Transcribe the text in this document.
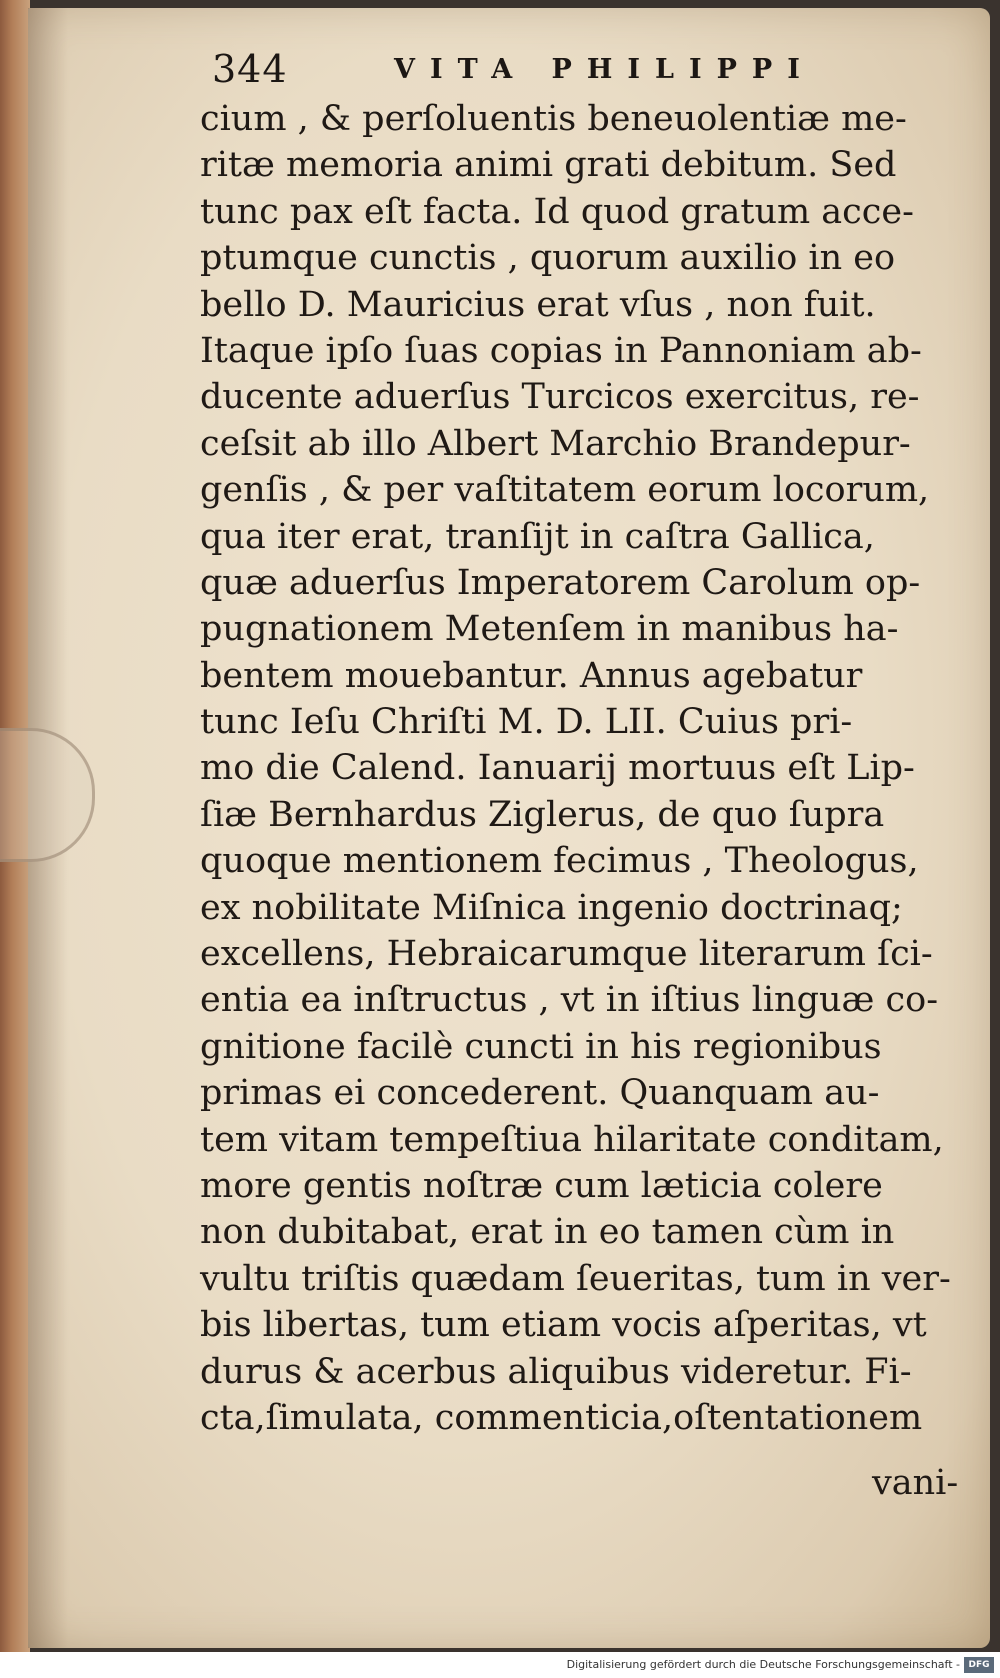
344	VITA PHILIPPI
cium , & perſoluentis beneuolentiæ me-
ritæ memoria animi grati debitum. Sed
tunc pax eſt facta. Id quod gratum acce-
ptumque cunctis , quorum auxilio in eo
bello D. Mauricius erat vſus , non fuit.
Itaque ipſo ſuas copias in Pannoniam ab-
ducente aduerſus Turcicos exercitus, re-
ceſsit ab illo Albert Marchio Brandepur-
genſis , & per vaſtitatem eorum locorum,
qua iter erat, tranſijt in caſtra Gallica,
quæ aduerſus Imperatorem Carolum op-
pugnationem Metenſem in manibus ha-
bentem mouebantur. Annus agebatur
tunc Ieſu Chriſti M. D. LII. Cuius pri-
mo die Calend. Ianuarij mortuus eſt Lip-
ſiæ Bernhardus Ziglerus, de quo ſupra
quoque mentionem fecimus , Theologus,
ex nobilitate Miſnica ingenio doctrinaq;
excellens, Hebraicarumque literarum ſci-
entia ea inſtructus , vt in iſtius linguæ co-
gnitione facilè cuncti in his regionibus
primas ei concederent. Quanquam au-
tem vitam tempeſtiua hilaritate conditam,
more gentis noſtræ cum læticia colere
non dubitabat, erat in eo tamen cùm in
vultu triſtis quædam ſeueritas, tum in ver-
bis libertas, tum etiam vocis aſperitas, vt
durus & acerbus aliquibus videretur. Fi-
cta,ſimulata, commenticia,oſtentationem
vani-
Digitalisierung gefördert durch die Deutsche Forschungsgemeinschaft - DFG
